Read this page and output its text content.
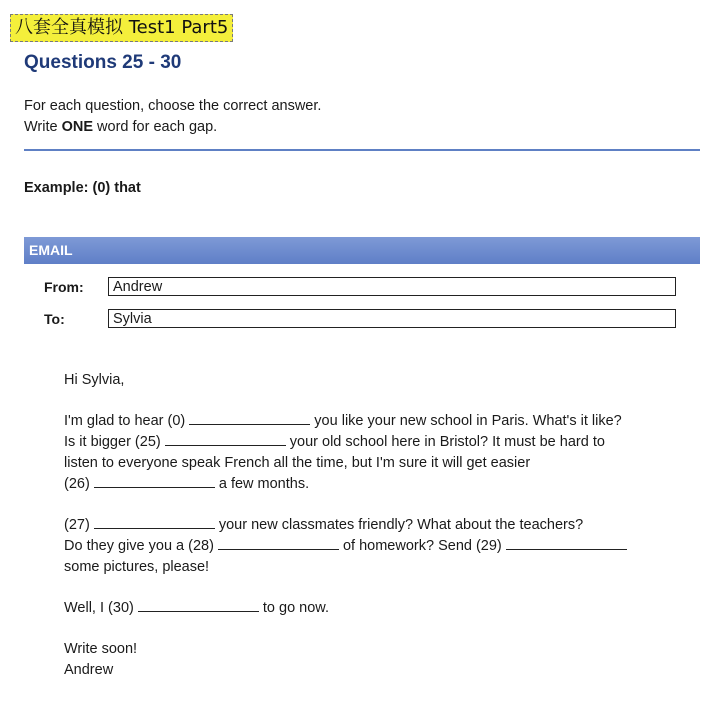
八套全真模拟 Test1 Part5
Questions 25 - 30
For each question, choose the correct answer.
Write ONE word for each gap.
Example: (0) that
EMAIL
From:	Andrew
To:	Sylvia

Hi Sylvia,

I'm glad to hear (0)	you like your new school in Paris. What's it like?
Is it bigger (25)	your old school here in Bristol? It must be hard to
listen to everyone speak French all the time, but I'm sure it will get easier
(26)	a few months.

(27)	your new classmates friendly? What about the teachers?
Do they give you a (28)	of homework? Send (29)
some pictures, please!

Well, I (30)	to go now.

Write soon!
Andrew
